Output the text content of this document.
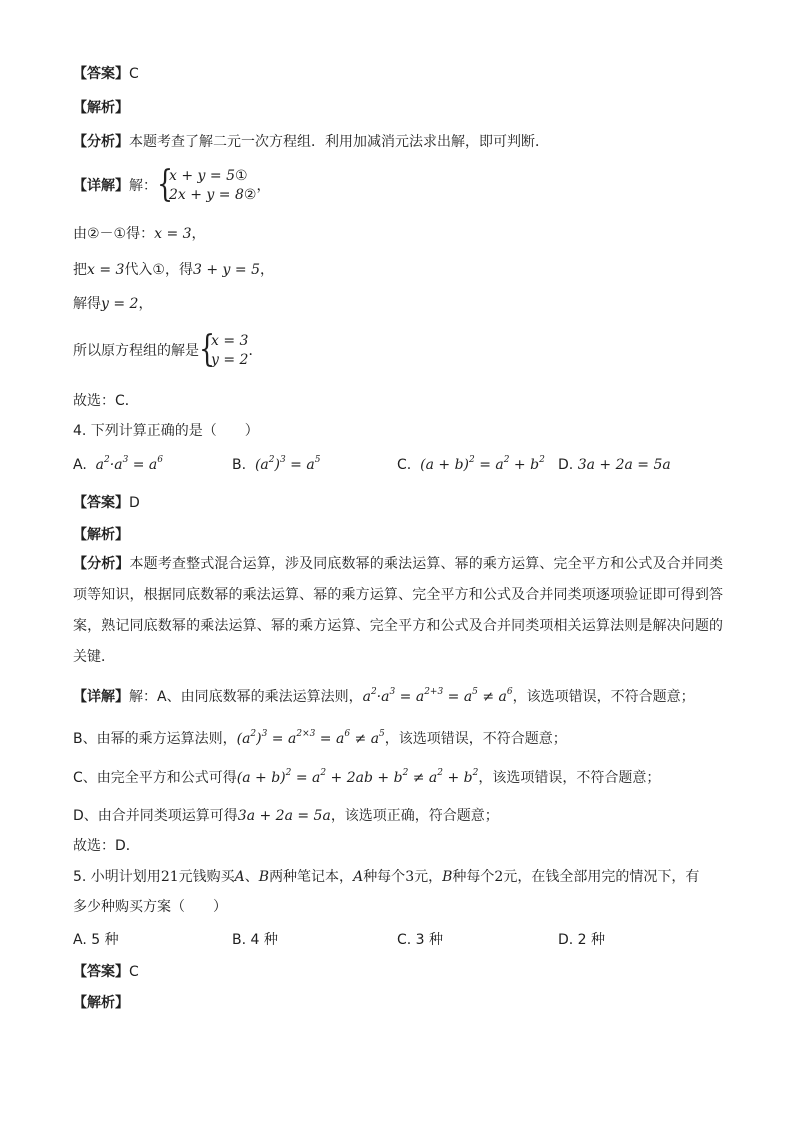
【答案】C
【解析】
【分析】本题考查了解二元一次方程组．利用加减消元法求出解，即可判断．
【详解】解： {
x + y = 5①
2x + y = 8②
，
由②－①得：x = 3，
把x = 3代入①，得3 + y = 5，
解得y = 2，
所以原方程组的解是 {
x = 3
y = 2
．
故选：C．
4. 下列计算正确的是（　　）
A.  $a^2\cdot a^3 = a^6$	B.  $(a^2)^3 = a^5$	C.  $(a + b)^2 = a^2 + b^2$ D. 3a + 2a = 5a
【答案】D
【解析】
【分析】本题考查整式混合运算，涉及同底数幂的乘法运算、幂的乘方运算、完全平方和公式及合并同类项等知识，根据同底数幂的乘法运算、幂的乘方运算、完全平方和公式及合并同类项逐项验证即可得到答案，熟记同底数幂的乘法运算、幂的乘方运算、完全平方和公式及合并同类项相关运算法则是解决问题的关键．
【详解】解：A、由同底数幂的乘法运算法则，$a^2\cdot a^3 = a^{2+3} = a^5 \ne a^6$，该选项错误，不符合题意；
B、由幂的乘方运算法则，$(a^2)^3 = a^{2\times 3} = a^6 \ne a^5$，该选项错误，不符合题意；
C、由完全平方和公式可得$(a + b)^2 = a^2 + 2ab + b^2 \ne a^2 + b^2$，该选项错误，不符合题意；
D、由合并同类项运算可得3a + 2a = 5a，该选项正确，符合题意；
故选：D．
5. 小明计划用21元钱购买A、B两种笔记本，A种每个3元，B种每个2元，在钱全部用完的情况下，有
多少种购买方案（　　）
A. 5 种	B. 4 种	C. 3 种	D. 2 种
【答案】C
【解析】
